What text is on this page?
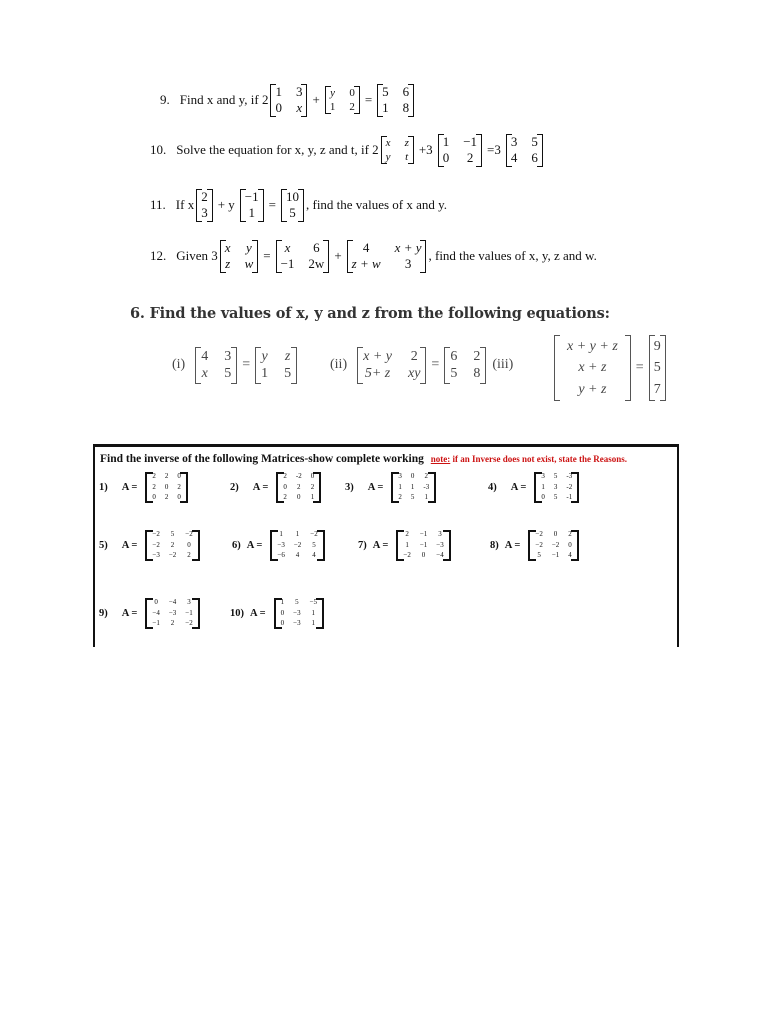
9. Find x and y, if 2
1 3
0 x
+ y 0
1 2 =
5 6
1 8
10. Solve the equation for x, y, z and t, if 2 x z
y t +3
1 −1
0 2
=3
3 5
4 6
11. If x
2
3
+ y
−1
1
=
10
5
, find the values of x and y.
12. Given 3
x y
z w
=
x	6
−1 2w
+
4	x + y
z + w	3
, find the values of x, y, z and w.
6. Find the values of x, y and z from the following equations:
(i)
4 3
x 5
=
y z
1 5
(ii)
x + y 2
5+ z xy
=
6 2
5 8
(iii)
x + y + z
x + z
y + z
=
9
5
7
Find the inverse of the following Matrices-show complete working note: if an Inverse does not exist, state the Reasons.
1) A =
2 2 0
2 0 2
0 2 0
2) A =
2 -2 0
0 2 2
2 0 1
3) A =
3 0 2
1 1 -3
2 5 1
4) A =
3 5 -3
1 3 -2
0 5 -1
5) A =
−2 5 −2
−2 2 0
−3 −2 2
6) A =
1 1 −2
−3 −2 5
−6 4 4
7) A =
2 −1 3
1 −1 −3
−2 0 −4
8) A =
−2 0 2
−2 −2 0
5 −1 4
9) A =
0 −4 3
−4 −3 −1
−1 2 −2
10) A =
1 5 −5
0 −3 1
0 −3 1
